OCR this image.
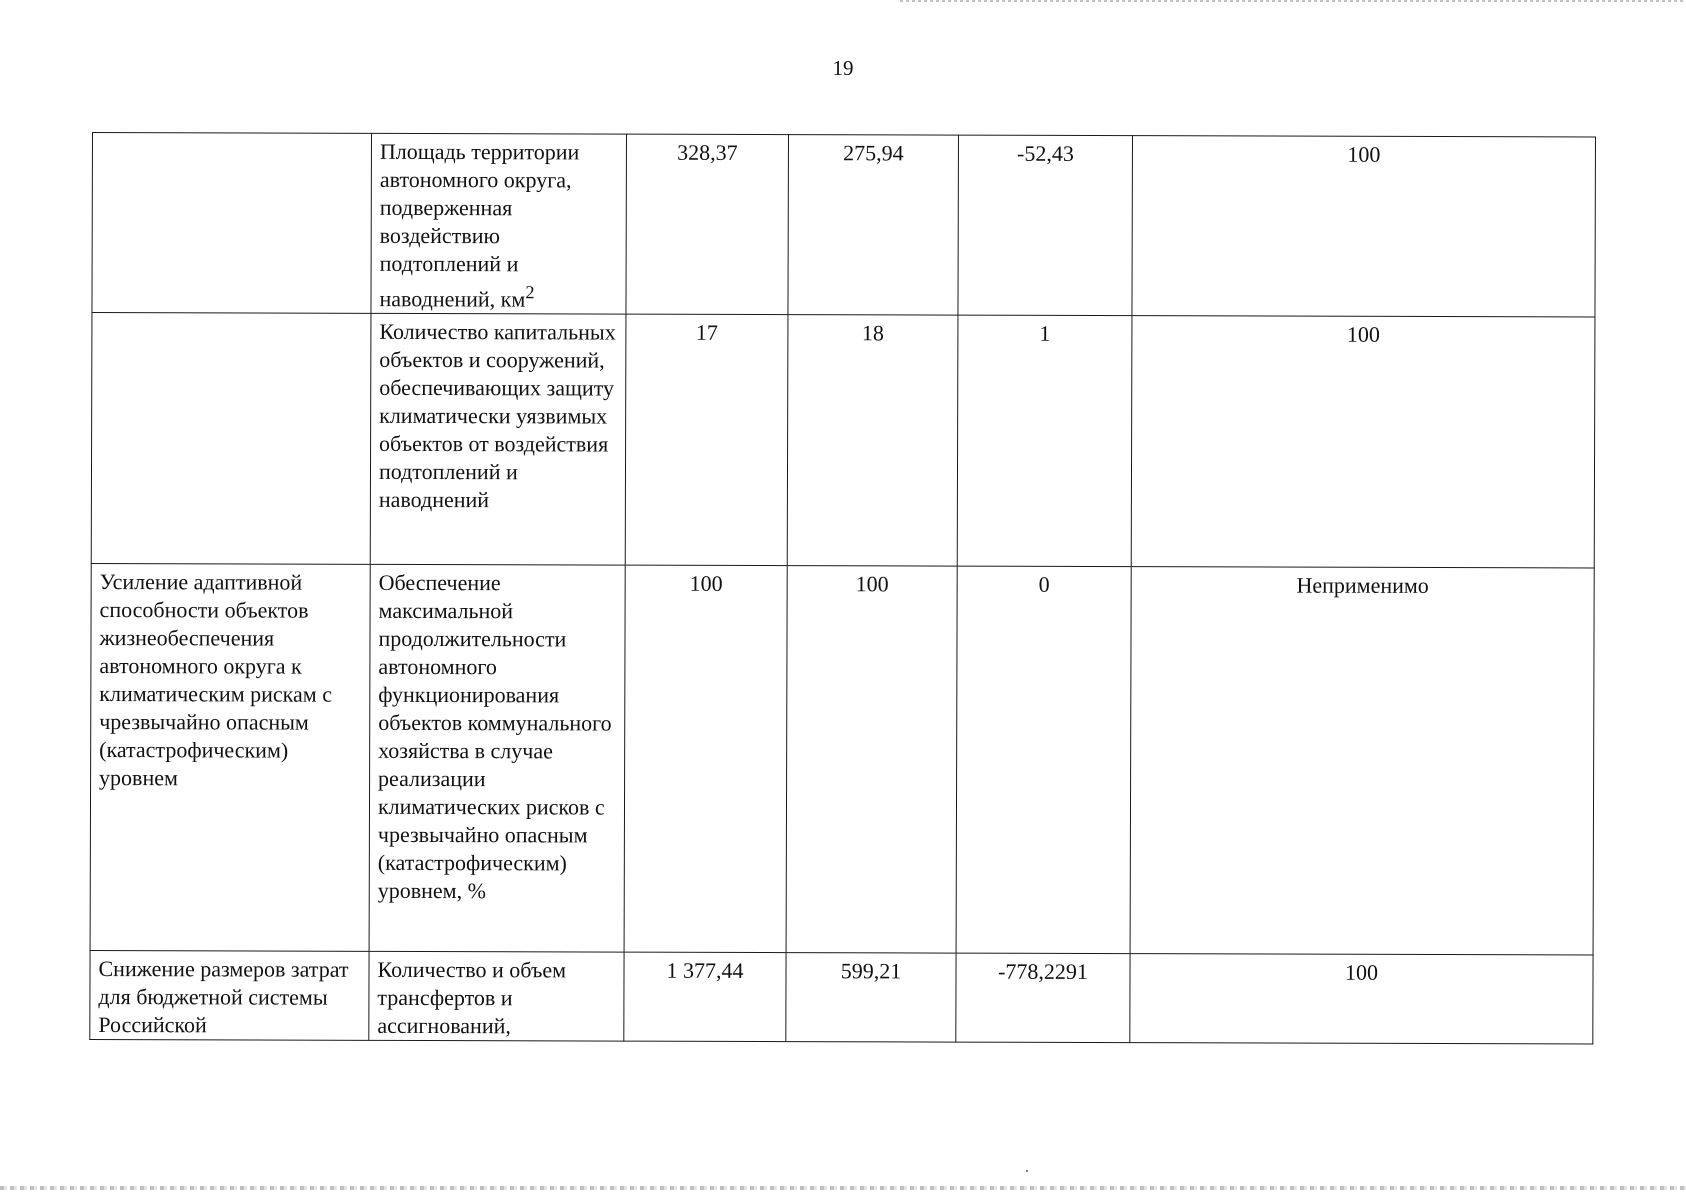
19
	Площадь территории автономного округа, подверженная воздействию подтоплений и наводнений, $км^2$	328,37	275,94	-52,43	100
	Количество капитальных объектов и сооружений, обеспечивающих защиту климатически уязвимых объектов от воздействия подтоплений и наводнений	17	18	1	100
Усиление адаптивной способности объектов жизнеобеспечения автономного округа к климатическим рискам с чрезвычайно опасным (катастрофическим) уровнем	Обеспечение максимальной продолжительности автономного функционирования объектов коммунального хозяйства в случае реализации климатических рисков с чрезвычайно опасным (катастрофическим) уровнем, %	100	100	0	Неприменимо
Снижение размеров затрат для бюджетной системы Российской	Количество и объем трансфертов и ассигнований,	1 377,44	599,21	-778,2291	100
